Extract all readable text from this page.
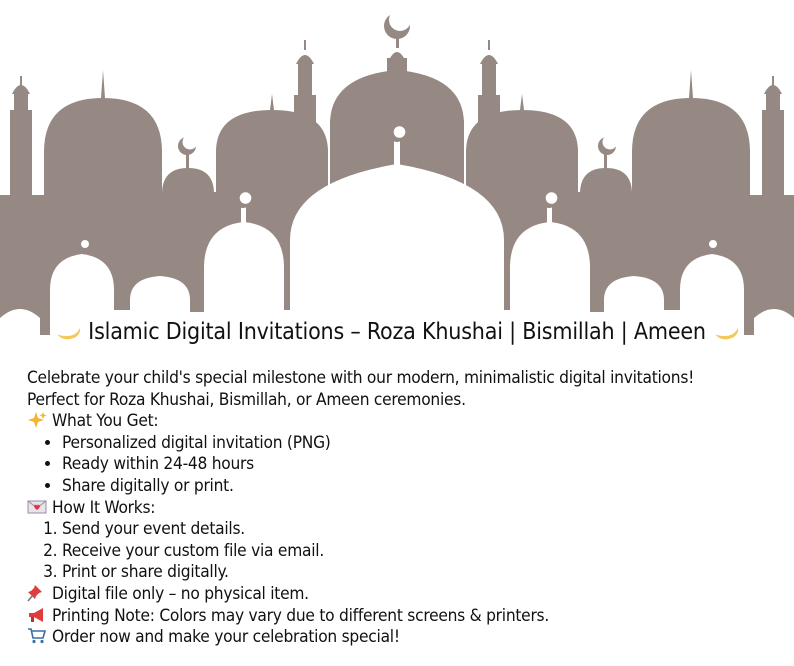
Islamic Digital Invitations – Roza Khushai | Bismillah | Ameen

Celebrate your child's special milestone with our modern, minimalistic digital invitations!

Perfect for Roza Khushai, Bismillah, or Ameen ceremonies.

What You Get:

• Personalized digital invitation (PNG)
• Ready within 24-48 hours
• Share digitally or print.

How It Works:

1. Send your event details.
2. Receive your custom file via email.
3. Print or share digitally.

Digital file only – no physical item.

Printing Note: Colors may vary due to different screens & printers.

Order now and make your celebration special!
